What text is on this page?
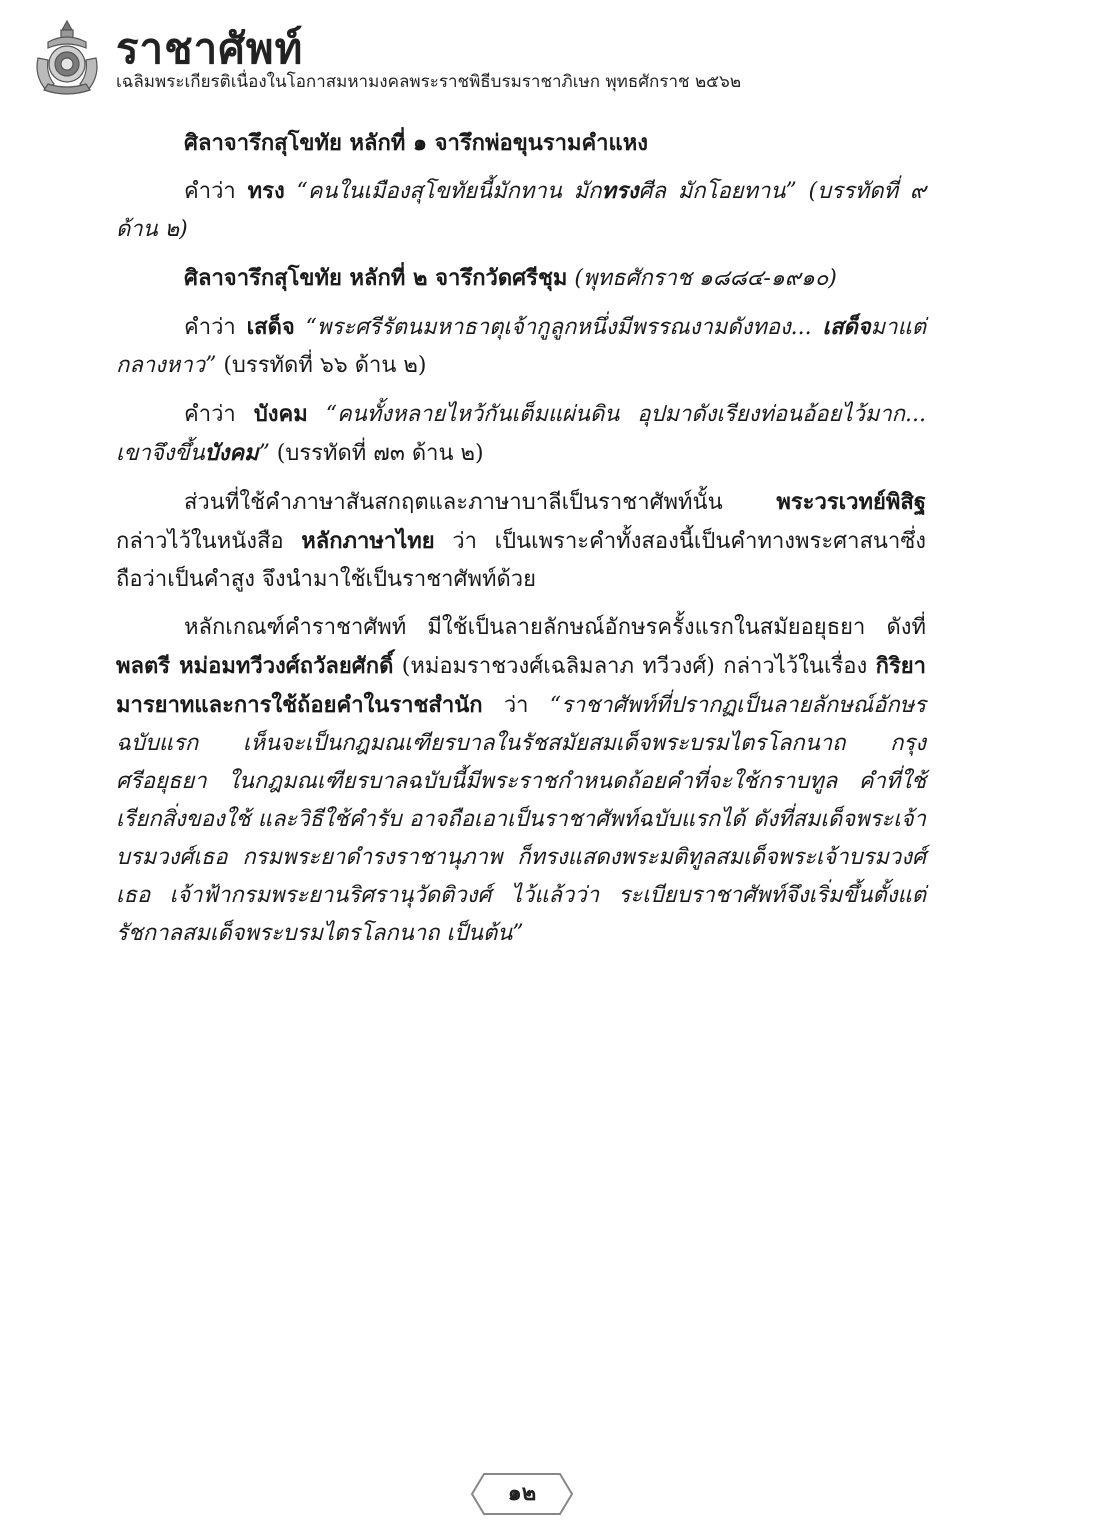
ราชาศัพท์
เฉลิมพระเกียรติเนื่องในโอกาสมหามงคลพระราชพิธีบรมราชาภิเษก พุทธศักราช ๒๕๖๒

ศิลาจารึกสุโขทัย หลักที่ ๑ จารึกพ่อขุนรามคำแหง

คำว่า ทรง “คนในเมืองสุโขทัยนี้มักทาน มักทรงศีล มักโอยทาน” (บรรทัดที่ ๙ ด้าน ๒)

ศิลาจารึกสุโขทัย หลักที่ ๒ จารึกวัดศรีชุม (พุทธศักราช ๑๘๘๔-๑๙๑๐)

คำว่า เสด็จ “พระศรีรัตนมหาธาตุเจ้ากูลูกหนึ่งมีพรรณงามดังทอง... เสด็จมาแต่กลางหาว” (บรรทัดที่ ๖๖ ด้าน ๒)

คำว่า บังคม “คนทั้งหลายไหว้กันเต็มแผ่นดิน อุปมาดังเรียงท่อนอ้อยไว้มาก... เขาจึงขึ้นบังคม” (บรรทัดที่ ๗๓ ด้าน ๒)

ส่วนที่ใช้คำภาษาสันสกฤตและภาษาบาลีเป็นราชาศัพท์นั้น พระวรเวทย์พิสิฐ กล่าวไว้ในหนังสือ หลักภาษาไทย ว่า เป็นเพราะคำทั้งสองนี้เป็นคำทางพระศาสนาซึ่งถือว่าเป็นคำสูง จึงนำมาใช้เป็นราชาศัพท์ด้วย

หลักเกณฑ์คำราชาศัพท์ มีใช้เป็นลายลักษณ์อักษรครั้งแรกในสมัยอยุธยา ดังที่ พลตรี หม่อมทวีวงศ์ถวัลยศักดิ์ (หม่อมราชวงศ์เฉลิมลาภ ทวีวงศ์) กล่าวไว้ในเรื่อง กิริยามารยาทและการใช้ถ้อยคำในราชสำนัก ว่า “ราชาศัพท์ที่ปรากฏเป็นลายลักษณ์อักษรฉบับแรก เห็นจะเป็นกฎมณเฑียรบาลในรัชสมัยสมเด็จพระบรมไตรโลกนาถ กรุงศรีอยุธยา ในกฎมณเฑียรบาลฉบับนี้มีพระราชกำหนดถ้อยคำที่จะใช้กราบทูล คำที่ใช้เรียกสิ่งของใช้ และวิธีใช้คำรับ อาจถือเอาเป็นราชาศัพท์ฉบับแรกได้ ดังที่สมเด็จพระเจ้าบรมวงศ์เธอ กรมพระยาดำรงราชานุภาพ ก็ทรงแสดงพระมติทูลสมเด็จพระเจ้าบรมวงศ์เธอ เจ้าฟ้ากรมพระยานริศรานุวัดติวงศ์ ไว้แล้วว่า ระเบียบราชาศัพท์จึงเริ่มขึ้นตั้งแต่รัชกาลสมเด็จพระบรมไตรโลกนาถ เป็นต้น”

๑๒
